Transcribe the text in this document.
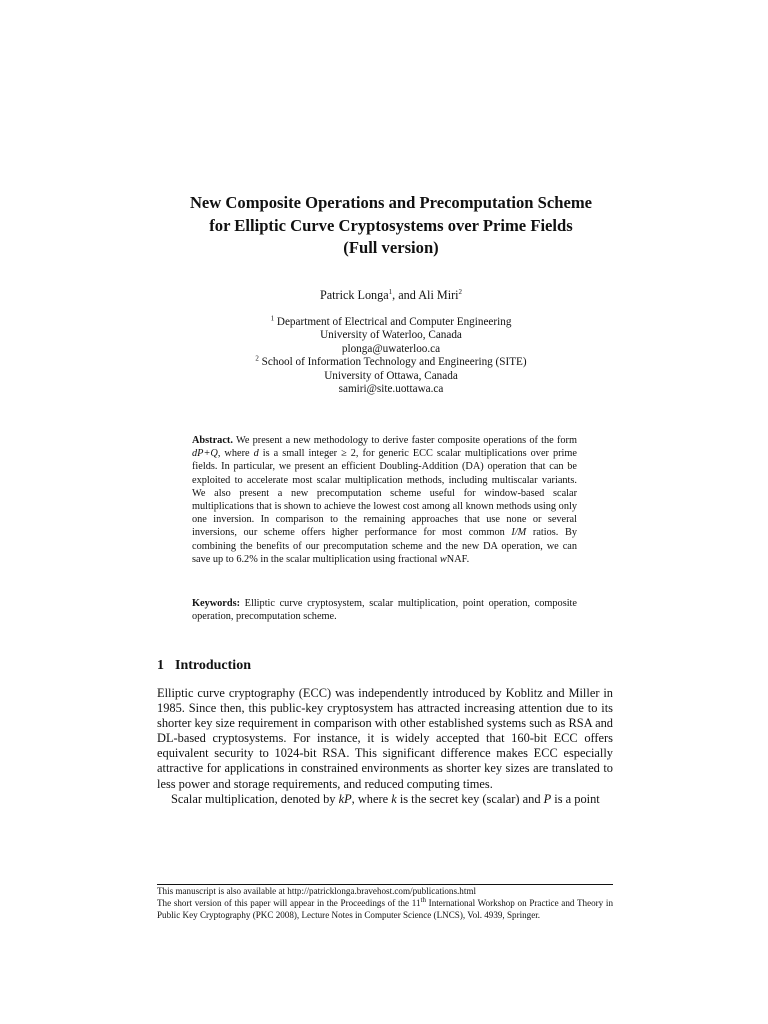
New Composite Operations and Precomputation Scheme
for Elliptic Curve Cryptosystems over Prime Fields
(Full version)
Patrick Longa$^1$, and Ali Miri$^2$
$^1$ Department of Electrical and Computer Engineering
University of Waterloo, Canada
plonga@uwaterloo.ca
$^2$ School of Information Technology and Engineering (SITE)
University of Ottawa, Canada
samiri@site.uottawa.ca
Abstract. We present a new methodology to derive faster composite operations of the form dP+Q, where d is a small integer ≥ 2, for generic ECC scalar multiplications over prime fields. In particular, we present an efficient Doubling-Addition (DA) operation that can be exploited to accelerate most scalar multiplication methods, including multiscalar variants. We also present a new precomputation scheme useful for window-based scalar multiplications that is shown to achieve the lowest cost among all known methods using only one inversion. In comparison to the remaining approaches that use none or several inversions, our scheme offers higher performance for most common I/M ratios. By combining the benefits of our precomputation scheme and the new DA operation, we can save up to 6.2% in the scalar multiplication using fractional wNAF.
Keywords: Elliptic curve cryptosystem, scalar multiplication, point operation, composite operation, precomputation scheme.
1 Introduction

Elliptic curve cryptography (ECC) was independently introduced by Koblitz and Miller in 1985. Since then, this public-key cryptosystem has attracted increasing attention due to its shorter key size requirement in comparison with other established systems such as RSA and DL-based cryptosystems. For instance, it is widely accepted that 160-bit ECC offers equivalent security to 1024-bit RSA. This significant difference makes ECC especially attractive for applications in constrained environments as shorter key sizes are translated to less power and storage requirements, and reduced computing times.

Scalar multiplication, denoted by kP, where k is the secret key (scalar) and P is a point

This manuscript is also available at http://patricklonga.bravehost.com/publications.html

The short version of this paper will appear in the Proceedings of the 11th International Workshop on Practice and Theory in Public Key Cryptography (PKC 2008), Lecture Notes in Computer Science (LNCS), Vol. 4939, Springer.
